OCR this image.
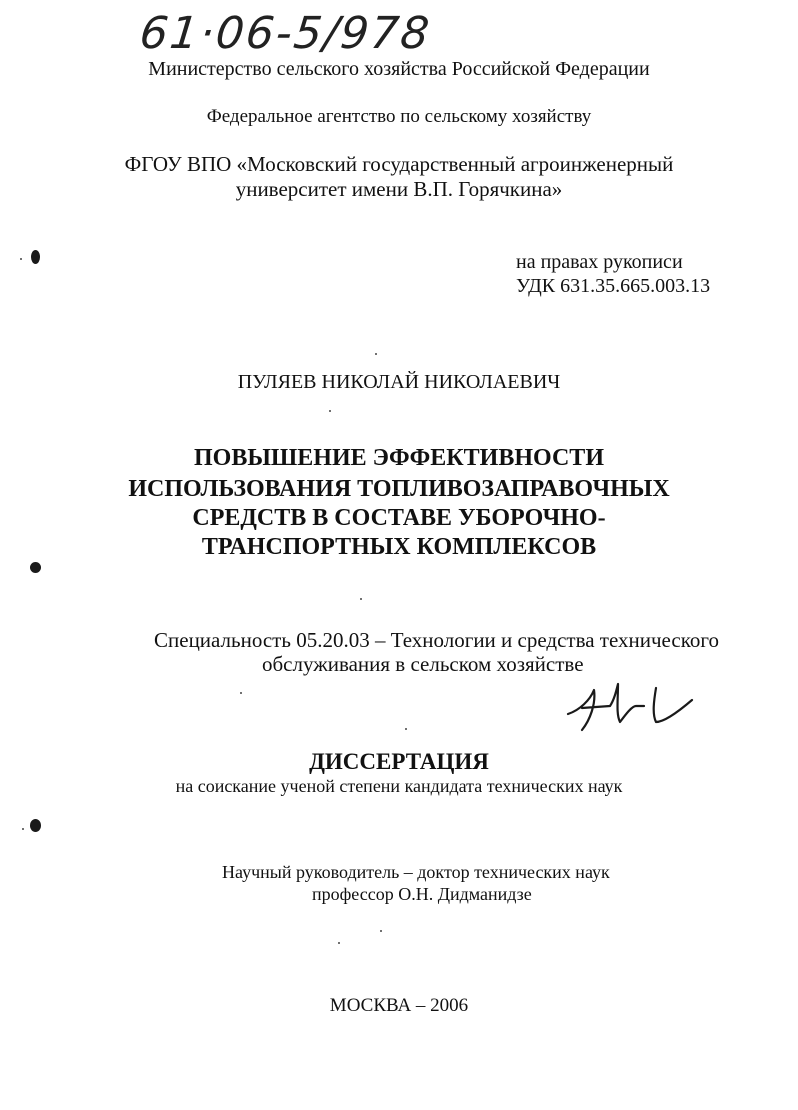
61·06-5/978
Министерство сельского хозяйства Российской Федерации
Федеральное агентство по сельскому хозяйству
ФГОУ ВПО «Московский государственный агроинженерный
университет имени В.П. Горячкина»
на правах рукописи
УДК 631.35.665.003.13
ПУЛЯЕВ НИКОЛАЙ НИКОЛАЕВИЧ
ПОВЫШЕНИЕ ЭФФЕКТИВНОСТИ
ИСПОЛЬЗОВАНИЯ ТОПЛИВОЗАПРАВОЧНЫХ
СРЕДСТВ В СОСТАВЕ УБОРОЧНО-
ТРАНСПОРТНЫХ КОМПЛЕКСОВ
Специальность 05.20.03 – Технологии и средства технического
обслуживания в сельском хозяйстве
ДИССЕРТАЦИЯ
на соискание ученой степени кандидата технических наук
Научный руководитель – доктор технических наук
профессор О.Н. Дидманидзе
МОСКВА – 2006
